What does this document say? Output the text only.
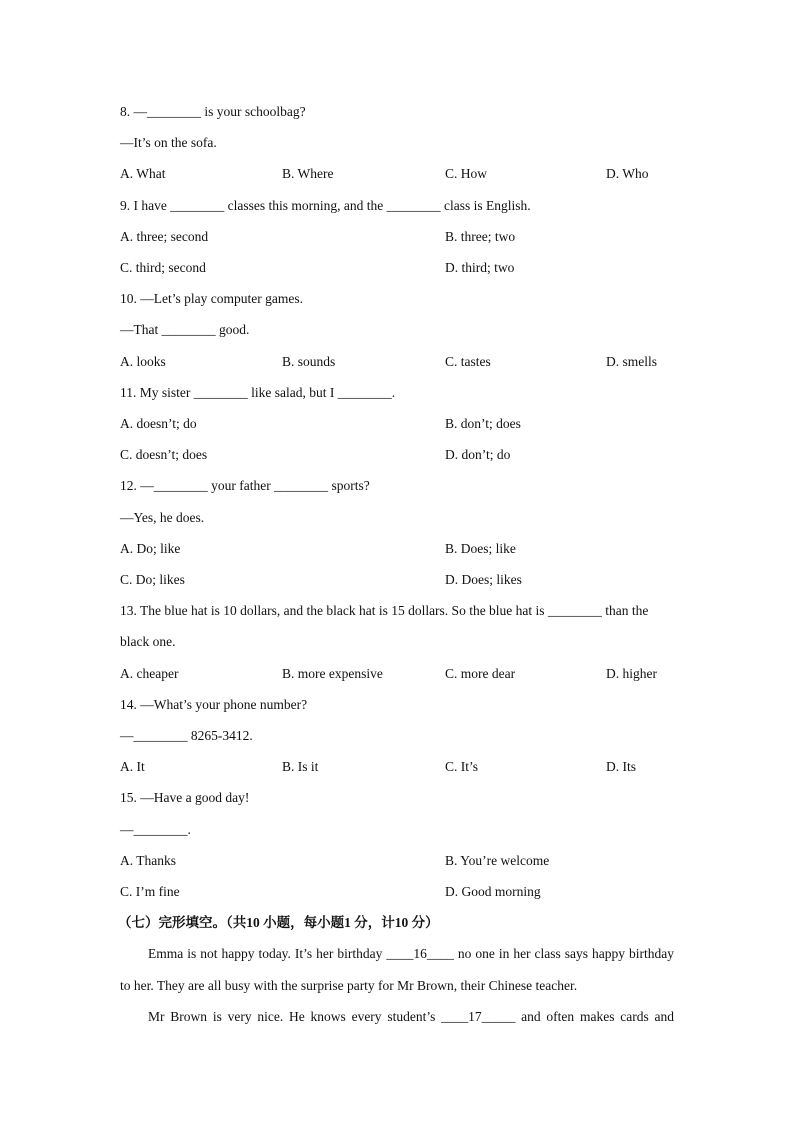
8. —________ is your schoolbag?
—It’s on the sofa.
A. What	B. Where	C. How	D. Who
9. I have ________ classes this morning, and the ________ class is English.
A. three; second	B. three; two
C. third; second	D. third; two
10. —Let’s play computer games.
—That ________ good.
A. looks	B. sounds	C. tastes	D. smells
11. My sister ________ like salad, but I ________.
A. doesn’t; do	B. don’t; does
C. doesn’t; does	D. don’t; do
12. —________ your father ________ sports?
—Yes, he does.
A. Do; like	B. Does; like
C. Do; likes	D. Does; likes
13. The blue hat is 10 dollars, and the black hat is 15 dollars. So the blue hat is ________ than the
black one.
A. cheaper	B. more expensive	C. more dear	D. higher
14. —What’s your phone number?
—________ 8265-3412.
A. It	B. Is it	C. It’s	D. Its
15. —Have a good day!
—________.
A. Thanks	B. You’re welcome
C. I’m fine	D. Good morning
（七）完形填空。（共10 小题，每小题1 分，计10 分）
Emma is not happy today. It’s her birthday ____16____ no one in her class says happy birthday
to her. They are all busy with the surprise party for Mr Brown, their Chinese teacher.
Mr Brown is very nice. He knows every student’s ____17_____ and often makes cards and
